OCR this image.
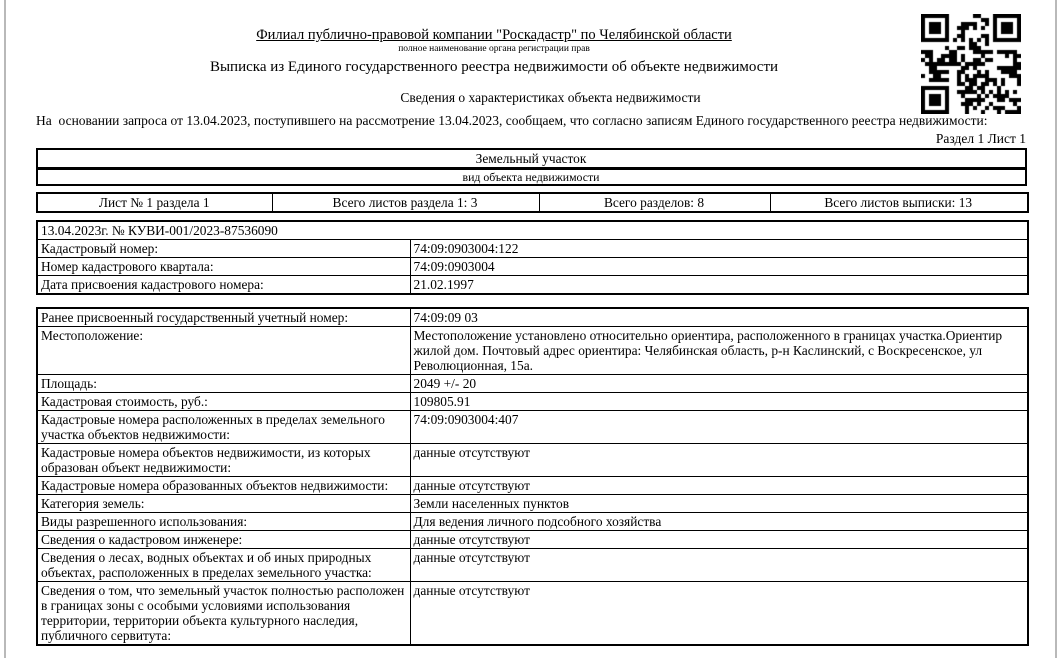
Филиал публично-правовой компании "Роскадастр" по Челябинской области
полное наименование органа регистрации прав
Выписка из Единого государственного реестра недвижимости об объекте недвижимости
Сведения о характеристиках объекта недвижимости
На  основании запроса от 13.04.2023, поступившего на рассмотрение 13.04.2023, сообщаем, что согласно записям Единого государственного реестра недвижимости:
Раздел 1 Лист 1
Земельный участок
вид объекта недвижимости
Лист № 1 раздела 1	Всего листов раздела 1: 3	Всего разделов: 8	Всего листов выписки: 13
13.04.2023г. № КУВИ-001/2023-87536090	
Кадастровый номер:	74:09:0903004:122
Номер кадастрового квартала:	74:09:0903004
Дата присвоения кадастрового номера:	21.02.1997
Ранее присвоенный государственный учетный номер:	74:09:09 03
Местоположение:	Местоположение установлено относительно ориентира, расположенного в границах участка.Ориентир жилой дом. Почтовый адрес ориентира: Челябинская область, р-н Каслинский, с Воскресенское, ул Революционная, 15а.
Площадь:	2049 +/- 20
Кадастровая стоимость, руб.:	109805.91
Кадастровые номера расположенных в пределах земельного участка объектов недвижимости:	74:09:0903004:407
Кадастровые номера объектов недвижимости, из которых образован объект недвижимости:	данные отсутствуют
Кадастровые номера образованных объектов недвижимости:	данные отсутствуют
Категория земель:	Земли населенных пунктов
Виды разрешенного использования:	Для ведения личного подсобного хозяйства
Сведения о кадастровом инженере:	данные отсутствуют
Сведения о лесах, водных объектах и об иных природных объектах, расположенных в пределах земельного участка:	данные отсутствуют
Сведения о том, что земельный участок полностью расположен в границах зоны с особыми условиями использования территории, территории объекта культурного наследия, публичного сервитута:	данные отсутствуют
